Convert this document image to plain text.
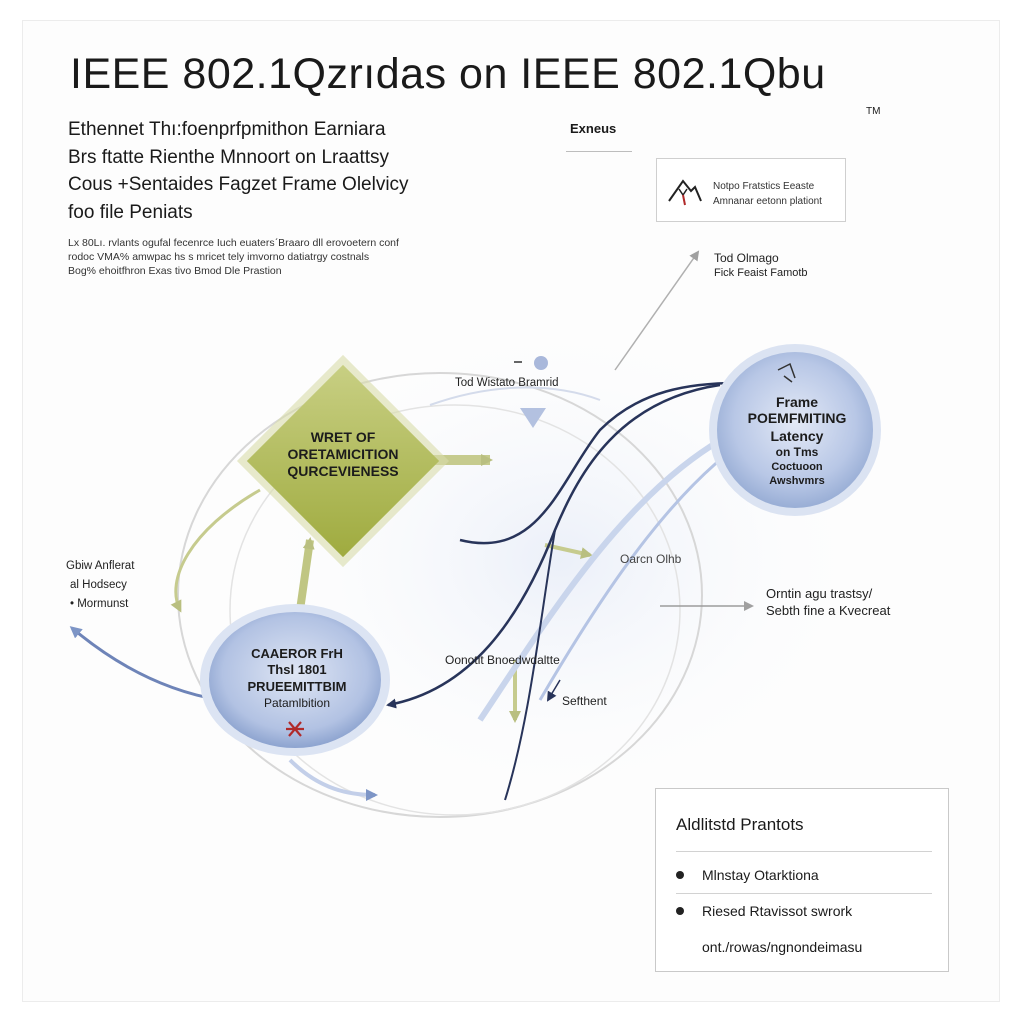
WRET OF
ORETAMICITION
QURCEVIENESS
Frame
POEMFMITING
Latency
on Tms
Coctuoon
Awshvmrs
CAAEROR FrH
Thsl 1801
PRUEEMITTBIM
Patamlbition
IEEE 802.1Qzrıdas on IEEE 802.1Qbu
TM
Ethennet Thı:foenprfpmithon Earniara
Brs ftatte Rienthe Mnnoort on Lraattsy
Cous +Sentaides Fagzet Frame Olelvicy
foo file Peniats
Lx 80Lı. rvlants ogufal fecenrce Iuch euatersˊBraaro dll erovoetern conf
rodoc VMA% amwpac hs s mricet tely imvorno datiatrgy costnals
Bog% ehoitfhron Exas tivo Bmod Dle Prastion
Exneus
Notpo Fratstics Eeaste
Amnanar eetonn plationt
Tod Olmago
Fick Feaist Famotb
Tod Wistato Bramrid
Gbiw Anflerat
al Hodsecy
• Mormunst
Oarcn Olhb
Orntin agu trastsy/
Sebth fine a Kvecreat
Oonotit Bnoedwdaltte
Sefthent
Aldlitstd Prantots
Mlnstay Otarktiona
Riesed Rtavissot swrork
ont./rowas/ngnondeimasu
